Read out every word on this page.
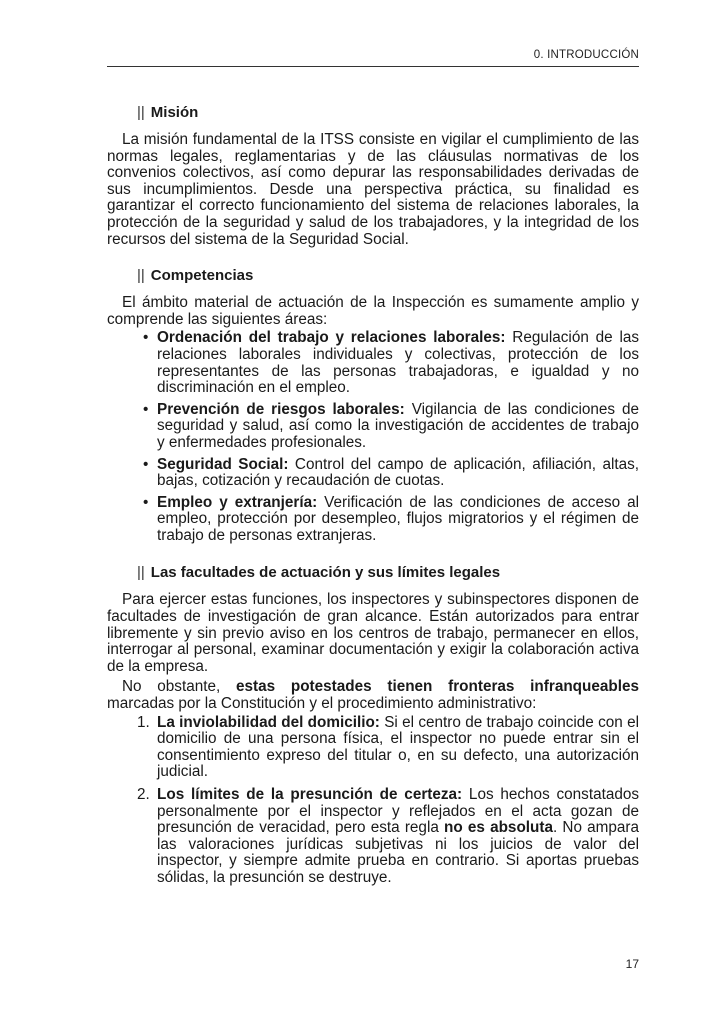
0. INTRODUCCIÓN
|| Misión

La misión fundamental de la ITSS consiste en vigilar el cumplimiento de las normas legales, reglamentarias y de las cláusulas normativas de los convenios colectivos, así como depurar las responsabilidades derivadas de sus incumplimientos. Desde una perspectiva práctica, su finalidad es garantizar el correcto funcionamiento del sistema de relaciones laborales, la protección de la seguridad y salud de los trabajadores, y la integridad de los recursos del sistema de la Seguridad Social.

|| Competencias

El ámbito material de actuación de la Inspección es sumamente amplio y comprende las siguientes áreas:

• Ordenación del trabajo y relaciones laborales: Regulación de las relaciones laborales individuales y colectivas, protección de los representantes de las personas trabajadoras, e igualdad y no discriminación en el empleo.
• Prevención de riesgos laborales: Vigilancia de las condiciones de seguridad y salud, así como la investigación de accidentes de trabajo y enfermedades profesionales.
• Seguridad Social: Control del campo de aplicación, afiliación, altas, bajas, cotización y recaudación de cuotas.
• Empleo y extranjería: Verificación de las condiciones de acceso al empleo, protección por desempleo, flujos migratorios y el régimen de trabajo de personas extranjeras.
|| Las facultades de actuación y sus límites legales

Para ejercer estas funciones, los inspectores y subinspectores disponen de facultades de investigación de gran alcance. Están autorizados para entrar libremente y sin previo aviso en los centros de trabajo, permanecer en ellos, interrogar al personal, examinar documentación y exigir la colaboración activa de la empresa.

No obstante, estas potestades tienen fronteras infranqueables marcadas por la Constitución y el procedimiento administrativo:

1. La inviolabilidad del domicilio: Si el centro de trabajo coincide con el domicilio de una persona física, el inspector no puede entrar sin el consentimiento expreso del titular o, en su defecto, una autorización judicial.
2. Los límites de la presunción de certeza: Los hechos constatados personalmente por el inspector y reflejados en el acta gozan de presunción de veracidad, pero esta regla no es absoluta. No ampara las valoraciones jurídicas subjetivas ni los juicios de valor del inspector, y siempre admite prueba en contrario. Si aportas pruebas sólidas, la presunción se destruye.
17
